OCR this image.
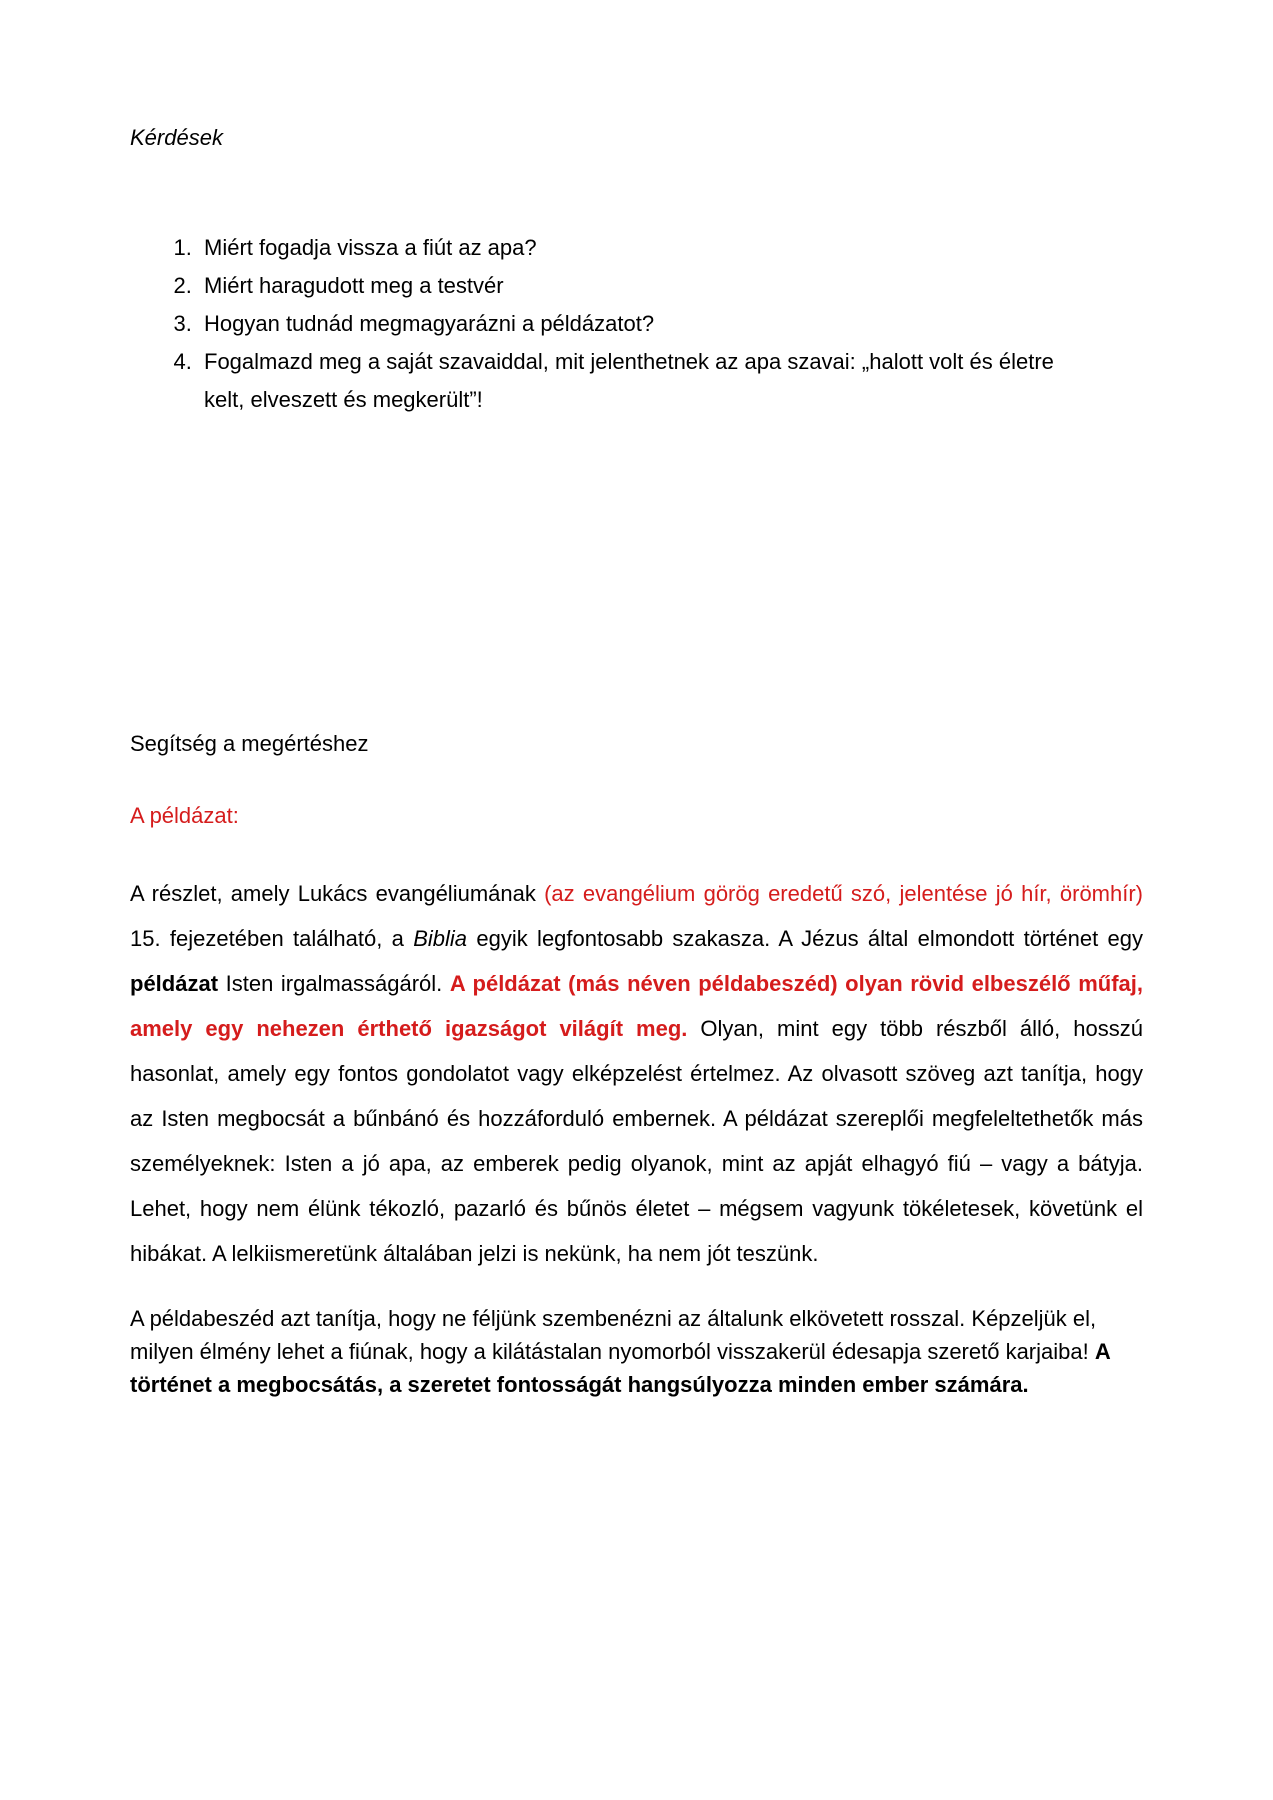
Kérdések
1. Miért fogadja vissza a fiút az apa?
2. Miért haragudott meg a testvér
3. Hogyan tudnád megmagyarázni a példázatot?
4. Fogalmazd meg a saját szavaiddal, mit jelenthetnek az apa szavai: „halott volt és életre kelt, elveszett és megkerült”!
Segítség a megértéshez
A példázat:

A részlet, amely Lukács evangéliumának (az evangélium görög eredetű szó, jelentése jó hír, örömhír) 15. fejezetében található, a Biblia egyik legfontosabb szakasza. A Jézus által elmondott történet egy példázat Isten irgalmasságáról. A példázat (más néven példabeszéd) olyan rövid elbeszélő műfaj, amely egy nehezen érthető igazságot világít meg. Olyan, mint egy több részből álló, hosszú hasonlat, amely egy fontos gondolatot vagy elképzelést értelmez. Az olvasott szöveg azt tanítja, hogy az Isten megbocsát a bűnbánó és hozzáforduló embernek. A példázat szereplői megfeleltethetők más személyeknek: Isten a jó apa, az emberek pedig olyanok, mint az apját elhagyó fiú – vagy a bátyja. Lehet, hogy nem élünk tékozló, pazarló és bűnös életet – mégsem vagyunk tökéletesek, követünk el hibákat. A lelkiismeretünk általában jelzi is nekünk, ha nem jót teszünk.

A példabeszéd azt tanítja, hogy ne féljünk szembenézni az általunk elkövetett rosszal. Képzeljük el, milyen élmény lehet a fiúnak, hogy a kilátástalan nyomorból visszakerül édesapja szerető karjaiba! A történet a megbocsátás, a szeretet fontosságát hangsúlyozza minden ember számára.
